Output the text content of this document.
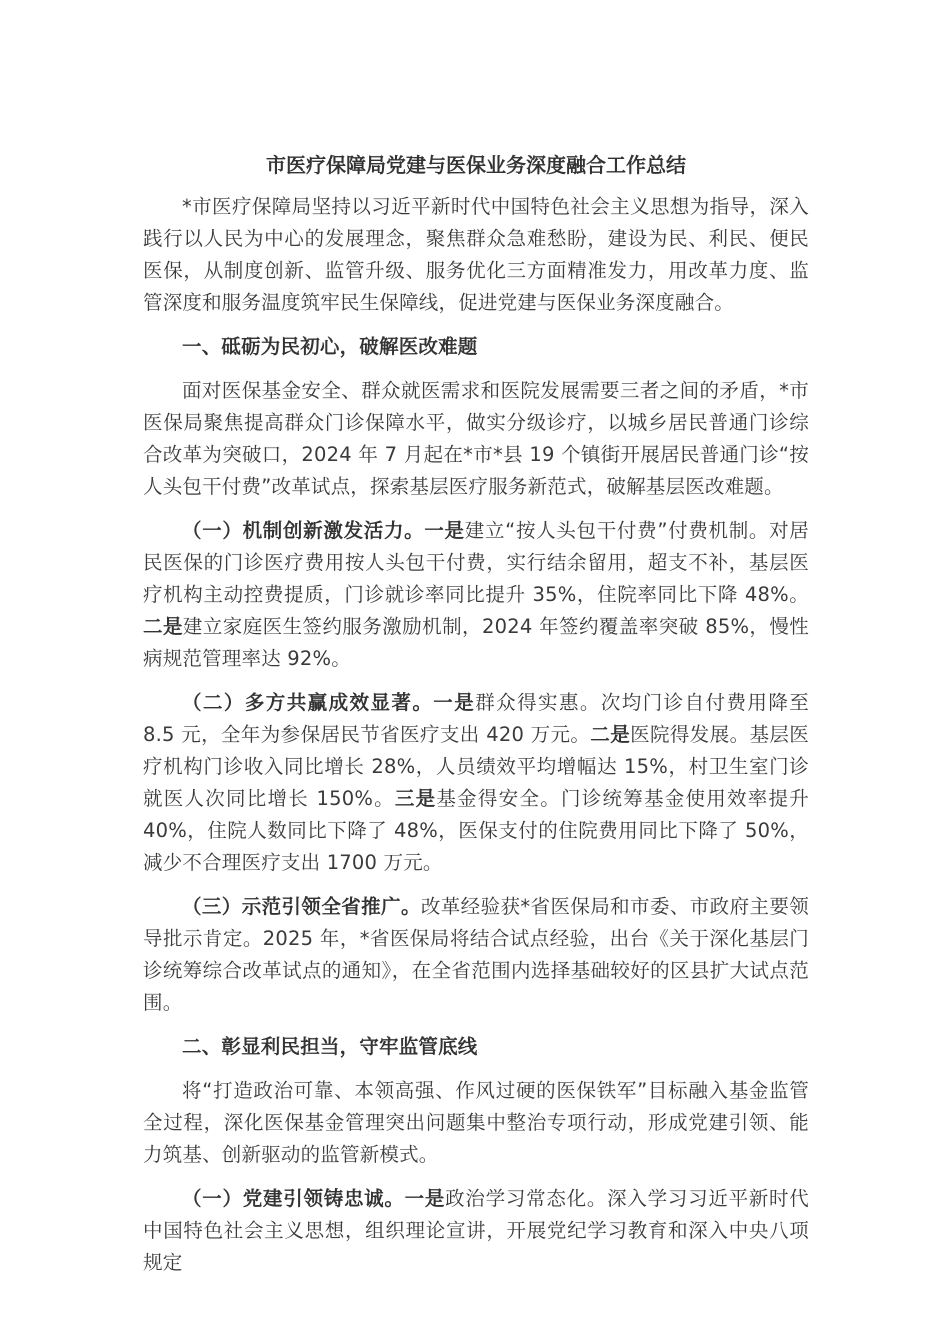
市医疗保障局党建与医保业务深度融合工作总结

*市医疗保障局坚持以习近平新时代中国特色社会主义思想为指导，深入践行以人民为中心的发展理念，聚焦群众急难愁盼，建设为民、利民、便民医保，从制度创新、监管升级、服务优化三方面精准发力，用改革力度、监管深度和服务温度筑牢民生保障线，促进党建与医保业务深度融合。

一、砥砺为民初心，破解医改难题

面对医保基金安全、群众就医需求和医院发展需要三者之间的矛盾，*市医保局聚焦提高群众门诊保障水平，做实分级诊疗，以城乡居民普通门诊综合改革为突破口，2024 年 7 月起在*市*县 19 个镇街开展居民普通门诊“按人头包干付费”改革试点，探索基层医疗服务新范式，破解基层医改难题。

（一）机制创新激发活力。一是建立“按人头包干付费”付费机制。对居民医保的门诊医疗费用按人头包干付费，实行结余留用，超支不补，基层医疗机构主动控费提质，门诊就诊率同比提升 35%，住院率同比下降 48%。二是建立家庭医生签约服务激励机制，2024 年签约覆盖率突破 85%，慢性病规范管理率达 92%。

（二）多方共赢成效显著。一是群众得实惠。次均门诊自付费用降至 8.5 元，全年为参保居民节省医疗支出 420 万元。二是医院得发展。基层医疗机构门诊收入同比增长 28%，人员绩效平均增幅达 15%，村卫生室门诊就医人次同比增长 150%。三是基金得安全。门诊统筹基金使用效率提升 40%，住院人数同比下降了 48%，医保支付的住院费用同比下降了 50%，减少不合理医疗支出 1700 万元。

（三）示范引领全省推广。改革经验获*省医保局和市委、市政府主要领导批示肯定。2025 年，*省医保局将结合试点经验，出台《关于深化基层门诊统筹综合改革试点的通知》，在全省范围内选择基础较好的区县扩大试点范围。

二、彰显利民担当，守牢监管底线

将“打造政治可靠、本领高强、作风过硬的医保铁军”目标融入基金监管全过程，深化医保基金管理突出问题集中整治专项行动，形成党建引领、能力筑基、创新驱动的监管新模式。

（一）党建引领铸忠诚。一是政治学习常态化。深入学习习近平新时代中国特色社会主义思想，组织理论宣讲，开展党纪学习教育和深入中央八项规定
